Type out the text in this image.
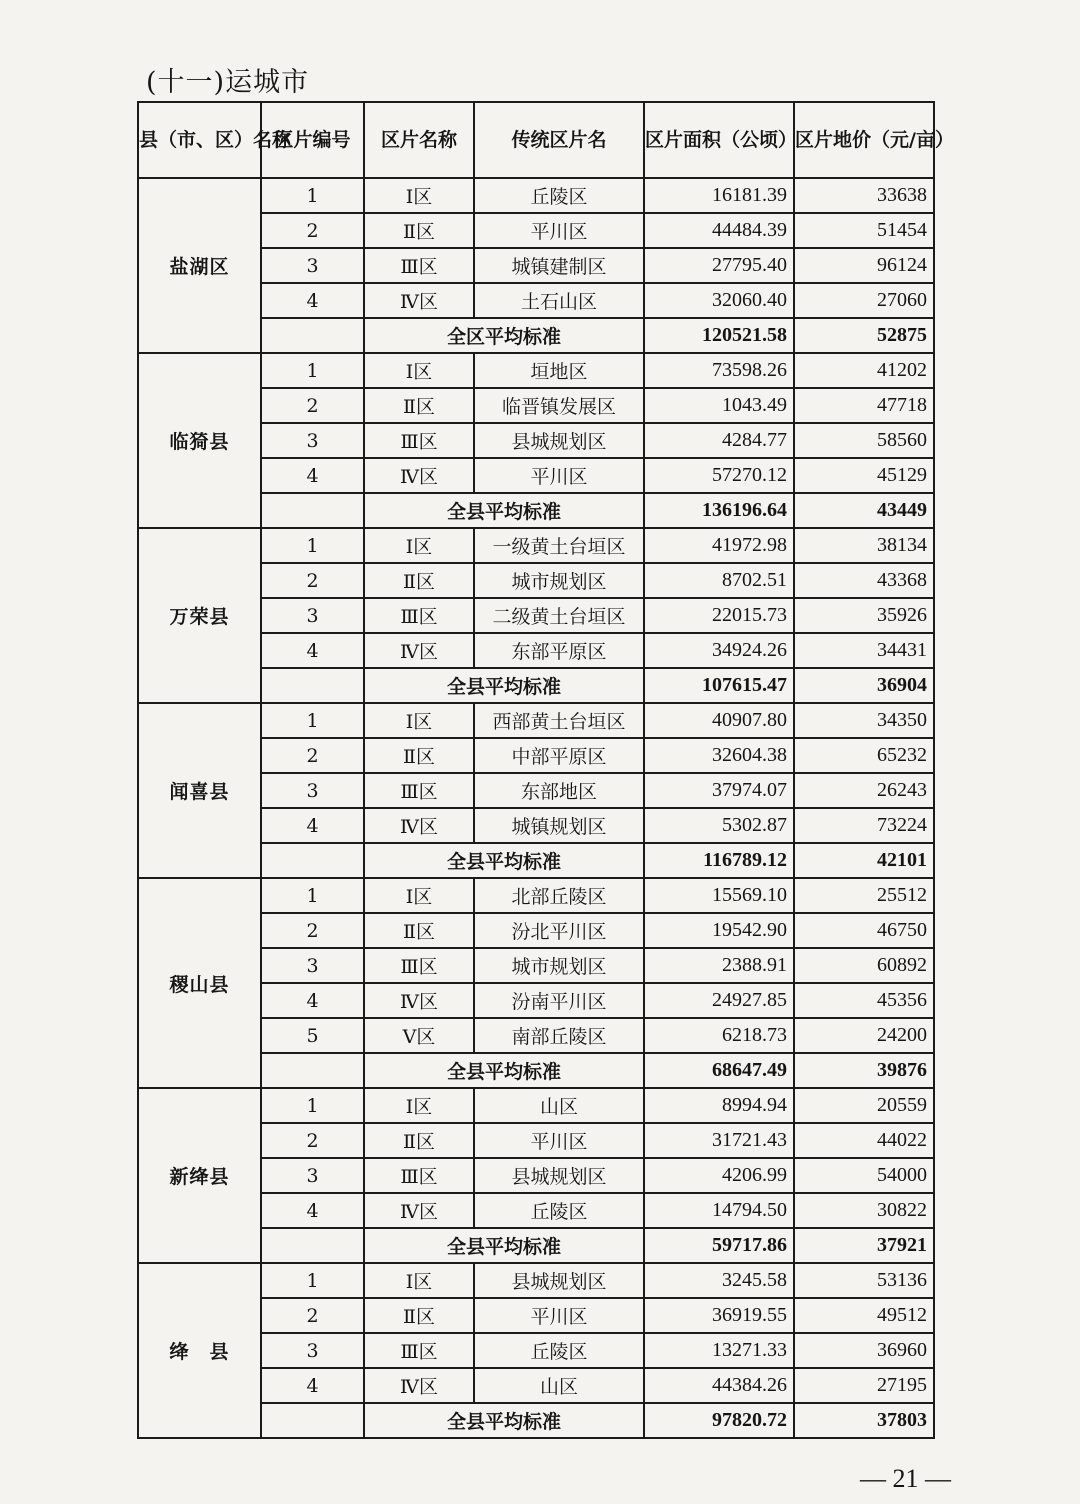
(十一)运城市
县（市、区）名称	区片编号	区片名称	传统区片名	区片面积（公顷）	区片地价（元/亩）
盐湖区	1	Ⅰ区	丘陵区	16181.39	33638
	2	Ⅱ区	平川区	44484.39	51454
	3	Ⅲ区	城镇建制区	27795.40	96124
	4	Ⅳ区	土石山区	32060.40	27060
		全区平均标准		120521.58	52875
临猗县	1	Ⅰ区	垣地区	73598.26	41202
	2	Ⅱ区	临晋镇发展区	1043.49	47718
	3	Ⅲ区	县城规划区	4284.77	58560
	4	Ⅳ区	平川区	57270.12	45129
		全县平均标准		136196.64	43449
万荣县	1	Ⅰ区	一级黄土台垣区	41972.98	38134
	2	Ⅱ区	城市规划区	8702.51	43368
	3	Ⅲ区	二级黄土台垣区	22015.73	35926
	4	Ⅳ区	东部平原区	34924.26	34431
		全县平均标准		107615.47	36904
闻喜县	1	Ⅰ区	西部黄土台垣区	40907.80	34350
	2	Ⅱ区	中部平原区	32604.38	65232
	3	Ⅲ区	东部地区	37974.07	26243
	4	Ⅳ区	城镇规划区	5302.87	73224
		全县平均标准		116789.12	42101
稷山县	1	Ⅰ区	北部丘陵区	15569.10	25512
	2	Ⅱ区	汾北平川区	19542.90	46750
	3	Ⅲ区	城市规划区	2388.91	60892
	4	Ⅳ区	汾南平川区	24927.85	45356
	5	Ⅴ区	南部丘陵区	6218.73	24200
		全县平均标准		68647.49	39876
新绛县	1	Ⅰ区	山区	8994.94	20559
	2	Ⅱ区	平川区	31721.43	44022
	3	Ⅲ区	县城规划区	4206.99	54000
	4	Ⅳ区	丘陵区	14794.50	30822
		全县平均标准		59717.86	37921
绛　县	1	Ⅰ区	县城规划区	3245.58	53136
	2	Ⅱ区	平川区	36919.55	49512
	3	Ⅲ区	丘陵区	13271.33	36960
	4	Ⅳ区	山区	44384.26	27195
		全县平均标准		97820.72	37803
— 21 —
